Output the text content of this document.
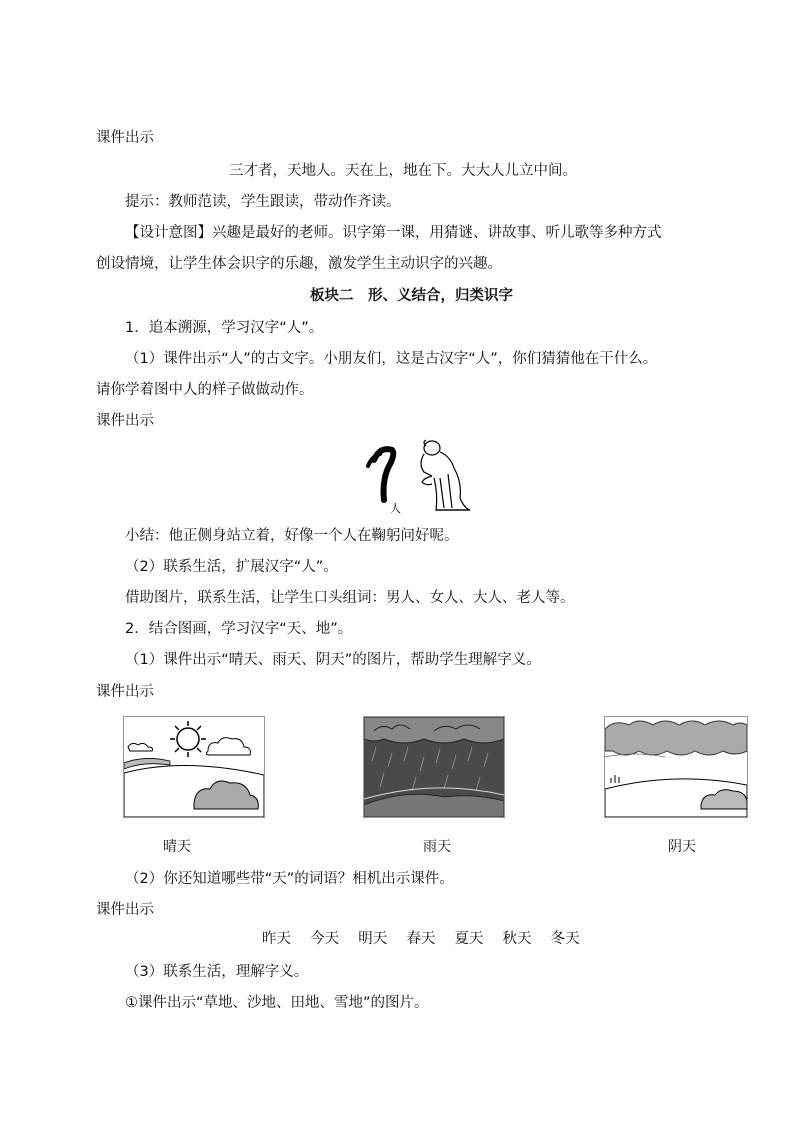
课件出示
三才者，天地人。天在上，地在下。大大人儿立中间。
提示：教师范读，学生跟读，带动作齐读。
【设计意图】兴趣是最好的老师。识字第一课，用猜谜、讲故事、听儿歌等多种方式
创设情境，让学生体会识字的乐趣，激发学生主动识字的兴趣。
板块二　形、义结合，归类识字
1．追本溯源，学习汉字“人”。
（1）课件出示“人”的古文字。小朋友们，这是古汉字“人”，你们猜猜他在干什么。
请你学着图中人的样子做做动作。
课件出示
人
小结：他正侧身站立着，好像一个人在鞠躬问好呢。
（2）联系生活，扩展汉字“人”。
借助图片，联系生活，让学生口头组词：男人、女人、大人、老人等。
2．结合图画，学习汉字“天、地”。
（1）课件出示“晴天、雨天、阴天”的图片，帮助学生理解字义。
课件出示
晴天	雨天	阴天
（2）你还知道哪些带“天”的词语？相机出示课件。
课件出示
昨天　 今天　 明天　 春天　 夏天　 秋天　 冬天
（3）联系生活，理解字义。
①课件出示“草地、沙地、田地、雪地”的图片。
